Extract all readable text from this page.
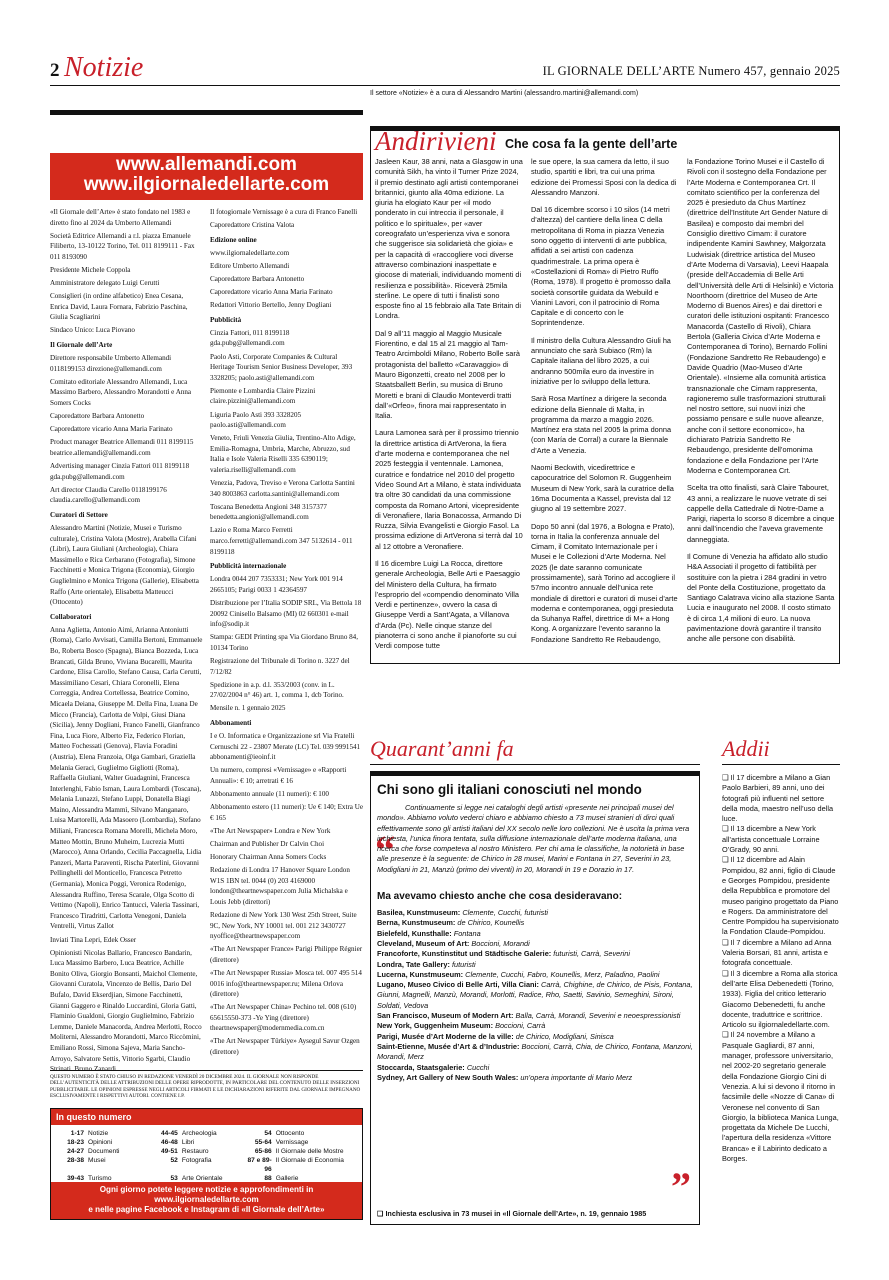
2 Notizie	IL GIORNALE DELL’ARTE Numero 457, gennaio 2025
Il settore «Notizie» è a cura di Alessandro Martini (alessandro.martini@allemandi.com)
www.allemandi.com
www.ilgiornaledellarte.com
«Il Giornale dell’Arte» è stato fondato nel 1983 e diretto fino al 2024 da Umberto Allemandi
Società Editrice Allemandi a r.l. piazza Emanuele Filiberto, 13-10122 Torino, Tel. 011 8199111 - Fax 011 8193090
Presidente Michele Coppola
Amministratore delegato Luigi Cerutti
Consiglieri (in ordine alfabetico) Enea Cesana, Enrica David, Laura Fornara, Fabrizio Paschina, Giulia Scagliarini
Sindaco Unico: Luca Piovano
Il Giornale dell’Arte
Direttore responsabile Umberto Allemandi 0118199153 direzione@allemandi.com
Comitato editoriale Alessandro Allemandi, Luca Massimo Barbero, Alessandro Morandotti e Anna Somers Cocks
Caporedattore Barbara Antonetto
Caporedattore vicario Anna Maria Farinato
Product manager Beatrice Allemandi 011 8199115 beatrice.allemandi@allemandi.com
Advertising manager Cinzia Fattori 011 8199118 gda.pubg@allemandi.com
Art director Claudia Carello 0118199176 claudia.carello@allemandi.com
Curatori di Settore
Alessandro Martini (Notizie, Musei e Turismo culturale), Cristina Valota (Mostre), Arabella Cifani (Libri), Laura Giuliani (Archeologia), Chiara Massimello e Rica Cerbarano (Fotografia), Simone Facchinetti e Monica Trigona (Economia), Giorgio Guglielmino e Monica Trigona (Gallerie), Elisabetta Raffo (Arte orientale), Elisabetta Matteucci (Ottocento)
Collaboratori
Anna Aglietta, Antonio Aimi, Arianna Antoniutti (Roma), Carlo Avvisati, Camilla Bertoni, Emmanuele Bo, Roberta Bosco (Spagna), Bianca Bozzeda, Luca Brancati, Gilda Bruno, Viviana Bucarelli, Maurita Cardone, Elisa Carollo, Stefano Causa, Carla Cerutti, Massimiliano Cesari, Chiara Coronelli, Elena Correggia, Andrea Cortellessa, Beatrice Comino, Micaela Deiana, Giuseppe M. Della Fina, Luana De Micco (Francia), Carlotta de Volpi, Giusi Diana (Sicilia), Jenny Dogliani, Franco Fanelli, Gianfranco Fina, Luca Fiore, Alberto Fiz, Federico Florian, Matteo Fochessati (Genova), Flavia Foradini (Austria), Elena Franzoia, Olga Gambari, Graziella Melania Geraci, Guglielmo Gigliotti (Roma), Raffaella Giuliani, Walter Guadagnini, Francesca Interlenghi, Fabio Isman, Laura Lombardi (Toscana), Melania Lunazzi, Stefano Luppi, Donatella Biagi Maino, Alessandra Mammì, Silvano Manganaro, Luisa Martorelli, Ada Masoero (Lombardia), Stefano Miliani, Francesca Romana Morelli, Michela Moro, Matteo Mottin, Bruno Muheim, Lucrezia Mutti (Marocco), Anna Orlando, Cecilia Paccagnella, Lidia Panzeri, Marta Paraventi, Rischa Paterlini, Giovanni Pellinghelli del Monticello, Francesca Petretto (Germania), Monica Poggi, Veronica Rodenigo, Alessandra Ruffino, Teresa Scarale, Olga Scotto di Vettimo (Napoli), Enrico Tantucci, Valeria Tassinari, Francesco Tiradritti, Carlotta Venegoni, Daniela Ventrelli, Virtus Zallot
Inviati Tina Lepri, Edek Osser
Opinionisti Nicolas Ballario, Francesco Bandarin, Luca Massimo Barbero, Luca Beatrice, Achille Bonito Oliva, Giorgio Bonsanti, Maichol Clemente, Giovanni Curatola, Vincenzo de Bellis, Dario Del Bufalo, David Ekserdjian, Simone Facchinetti, Gianni Gaggero e Rinaldo Luccardini, Gloria Gatti, Flaminio Gualdoni, Giorgio Guglielmino, Fabrizio Lemme, Daniele Manacorda, Andrea Merlotti, Rocco Moliterni, Alessandro Morandotti, Marco Riccòmini, Emiliano Rossi, Simona Sajeva, Maria Sancho-Arroyo, Salvatore Settis, Vittorio Sgarbi, Claudio
Il fotogiornale Vernissage è a cura di Franco Fanelli
Caporedattore Cristina Valota
Edizione online
www.ilgiornaledellarte.com
Editore Umberto Allemandi
Caporedattore Barbara Antonetto
Caporedattore vicario Anna Maria Farinato
Redattori Vittorio Bertello, Jenny Dogliani
Pubblicità
Cinzia Fattori, 011 8199118 gda.pubg@allemandi.com
Paolo Asti, Corporate Companies & Cultural Heritage Tourism Senior Business Developer, 393 3328205; paolo.asti@allemandi.com
Piemonte e Lombardia Claire Pizzini claire.pizzini@allemandi.com
Liguria Paolo Asti 393 3328205 paolo.asti@allemandi.com
Veneto, Friuli Venezia Giulia, Trentino-Alto Adige, Emilia-Romagna, Umbria, Marche, Abruzzo, sud Italia e Isole Valeria Riselli 335 6390119; valeria.riselli@allemandi.com
Venezia, Padova, Treviso e Verona Carlotta Santini 340 8003863 carlotta.santini@allemandi.com
Toscana Benedetta Angioni 348 3157377 benedetta.angioni@allemandi.com
Lazio e Roma Marco Ferretti marco.ferretti@allemandi.com 347 5132614 - 011 8199118
Pubblicità internazionale
Londra 0044 207 7353331; New York 001 914 2665105; Parigi 0033 1 42364597
Distribuzione per l’Italia SODIP SRL, Via Bettola 18 20092 Cinisello Balsamo (MI) 02 660301 e-mail info@sodip.it
Stampa: GEDI Printing spa Via Giordano Bruno 84, 10134 Torino
Registrazione del Tribunale di Torino n. 3227 del 7/12/82
Spedizione in a.p. d.l. 353/2003 (conv. in L. 27/02/2004 n° 46) art. 1, comma 1, dcb Torino.
Mensile n. 1 gennaio 2025
Abbonamenti
I e O. Informatica e Organizzazione srl Via Fratelli Cernuschi 22 - 23807 Merate (LC) Tel. 039 9991541 abbonamenti@ieoinf.it
Un numero, compresi «Vernissage» e «Rapporti Annuali»: € 10; arretrati € 16
Abbonamento annuale (11 numeri): € 100
Abbonamento estero (11 numeri): Ue € 140; Extra Ue € 165
«The Art Newspaper» Londra e New York
Chairman and Publisher Dr Calvin Choi
Honorary Chairman Anna Somers Cocks
Redazione di Londra 17 Hanover Square London W1S 1BN tel. 0044 (0) 203 4169000 london@theartnewspaper.com Julia Michalska e Louis Jebb (direttori)
Redazione di New York 130 West 25th Street, Suite 9C, New York, NY 10001 tel. 001 212 3430727 nyoffice@theartnewspaper.com
«The Art Newspaper France» Parigi Philippe Régnier (direttore)
«The Art Newspaper Russia» Mosca tel. 007 495 514 0016 info@theartnewspaper.ru; Milena Orlova (direttore)
«The Art Newspaper China» Pechino tel. 008 (610) 65615550-373 -Ye Ying (direttore) theartnewspaper@modernmedia.com.cn
«The Art Newspaper Türkiye» Aysegul Savur Ozgen (direttore)
QUESTO NUMERO È STATO CHIUSO IN REDAZIONE VENERDÌ 20 DICEMBRE 2024. IL GIORNALE NON RISPONDE DELL’AUTENTICITÀ DELLE ATTRIBUZIONI DELLE OPERE RIPRODOTTE, IN PARTICOLARE DEL CONTENUTO DELLE INSERZIONI PUBBLICITARIE. LE OPINIONI ESPRESSE NEGLI ARTICOLI FIRMATI E LE DICHIARAZIONI RIFERITE DAL GIORNALE IMPEGNANO ESCLUSIVAMENTE I RISPETTIVI AUTORI. CONTIENE I.P.
In questo numero
1-17 Notizie	44-45 Archeologia	54 Ottocento
18-23 Opinioni	46-48 Libri	55-64 Vernissage
24-27 Documenti	49-51 Restauro	65-86 Il Giornale delle Mostre
28-38 Musei	52 Fotografia	87 e 89-96
Il Giornale di Economia
39-43 Turismo	53 Arte Orientale	88 Gallerie
Ogni giorno potete leggere notizie e approfondimenti in
www.ilgiornaledellarte.com
e nelle pagine Facebook e Instagram di «Il Giornale dell’Arte»
Andirivieni Che cosa fa la gente dell’arte

Jasleen Kaur, 38 anni, nata a Glasgow in una comunità Sikh, ha vinto il Turner Prize 2024, il premio destinato agli artisti contemporanei britannici, giunto alla 40ma edizione. La giuria ha elogiato Kaur per «il modo ponderato in cui intreccia il personale, il politico e lo spirituale», per «aver coreografato un’esperienza viva e sonora che suggerisce sia solidarietà che gioia» e per la capacità di «raccogliere voci diverse attraverso combinazioni inaspettate e giocose di materiali, individuando momenti di resilienza e possibilità». Riceverà 25mila sterline. Le opere di tutti i finalisti sono esposte fino al 15 febbraio alla Tate Britain di Londra.

Dal 9 all’11 maggio al Maggio Musicale Fiorentino, e dal 15 al 21 maggio al Tam-Teatro Arcimboldi Milano, Roberto Bolle sarà protagonista del balletto «Caravaggio» di Mauro Bigonzetti, creato nel 2008 per lo Staatsballett Berlin, su musica di Bruno Moretti e brani di Claudio Monteverdi tratti dall’«Orfeo», finora mai rappresentato in Italia.

Laura Lamonea sarà per il prossimo triennio la direttrice artistica di ArtVerona, la fiera d’arte moderna e contemporanea che nel 2025 festeggia il ventennale. Lamonea, curatrice e fondatrice nel 2010 del progetto Video Sound Art a Milano, è stata individuata tra oltre 30 candidati da una commissione composta da Romano Artoni, vicepresidente di Veronafiere, Ilaria Bonacossa, Armando Di Ruzza, Silvia Evangelisti e Giorgio Fasol. La prossima edizione di ArtVerona si terrà dal 10 al 12 ottobre a Veronafiere.

Il 16 dicembre Luigi La Rocca, direttore generale Archeologia, Belle Arti e Paesaggio del Ministero della Cultura, ha firmato l’esproprio del «compendio denominato Villa Verdi e pertinenze», ovvero la casa di Giuseppe Verdi a Sant’Agata, a Villanova d’Arda (Pc). Nelle cinque stanze del pianoterra ci sono anche il pianoforte su cui Verdi compose tutte

le sue opere, la sua camera da letto, il suo studio, spartiti e libri, tra cui una prima edizione dei Promessi Sposi con la dedica di Alessandro Manzoni.

Dal 16 dicembre scorso i 10 silos (14 metri d’altezza) del cantiere della linea C della metropolitana di Roma in piazza Venezia sono oggetto di interventi di arte pubblica, affidati a sei artisti con cadenza quadrimestrale. La prima opera è «Costellazioni di Roma» di Pietro Ruffo (Roma, 1978). Il progetto è promosso dalla società consortile guidata da Webuild e Vianini Lavori, con il patrocinio di Roma Capitale e di concerto con le Soprintendenze.

Il ministro della Cultura Alessandro Giuli ha annunciato che sarà Subiaco (Rm) la Capitale italiana del libro 2025, a cui andranno 500mila euro da investire in iniziative per lo sviluppo della lettura.

Sarà Rosa Martínez a dirigere la seconda edizione della Biennale di Malta, in programma da marzo a maggio 2026. Martínez era stata nel 2005 la prima donna (con María de Corral) a curare la Biennale d’Arte a Venezia.

Naomi Beckwith, vicedirettrice e capocuratrice del Solomon R. Guggenheim Museum di New York, sarà la curatrice della 16ma Documenta a Kassel, prevista dal 12 giugno al 19 settembre 2027.

Dopo 50 anni (dal 1976, a Bologna e Prato), torna in Italia la conferenza annuale del Cimam, il Comitato Internazionale per i Musei e le Collezioni d’Arte Moderna. Nel 2025 (le date saranno comunicate prossimamente), sarà Torino ad accogliere il 57mo incontro annuale dell’unica rete mondiale di direttori e curatori di musei d’arte moderna e contemporanea, oggi presieduta da Suhanya Raffel, direttrice di M+ a Hong Kong. A organizzare l’evento saranno la Fondazione Sandretto Re Rebaudengo,

la Fondazione Torino Musei e il Castello di Rivoli con il sostegno della Fondazione per l’Arte Moderna e Contemporanea Crt. Il comitato scientifico per la conferenza del 2025 è presieduto da Chus Martínez (direttrice dell’Institute Art Gender Nature di Basilea) e composto dai membri del Consiglio direttivo Cimam: il curatore indipendente Kamini Sawhney, Małgorzata Ludwisiak (direttrice artistica del Museo d’Arte Moderna di Varsavia), Leevi Haapala (preside dell’Accademia di Belle Arti dell’Università delle Arti di Helsinki) e Victoria Noorthoorn (direttrice del Museo de Arte Moderno di Buenos Aires) e dai direttori e curatori delle istituzioni ospitanti: Francesco Manacorda (Castello di Rivoli), Chiara Bertola (Galleria Civica d’Arte Moderna e Contemporanea di Torino), Bernardo Follini (Fondazione Sandretto Re Rebaudengo) e Davide Quadrio (Mao-Museo d’Arte Orientale). «Insieme alla comunità artistica transnazionale che Cimam rappresenta, ragioneremo sulle trasformazioni strutturali nel nostro settore, sui nuovi inizi che possiamo pensare e sulle nuove alleanze, anche con il settore economico», ha dichiarato Patrizia Sandretto Re Rebaudengo, presidente dell’omonima fondazione e della Fondazione per l’Arte Moderna e Contemporanea Crt.

Scelta tra otto finalisti, sarà Claire Tabouret, 43 anni, a realizzare le nuove vetrate di sei cappelle della Cattedrale di Notre-Dame a Parigi, riaperta lo scorso 8 dicembre a cinque anni dall’incendio che l’aveva gravemente danneggiata.

Il Comune di Venezia ha affidato allo studio H&A Associati il progetto di fattibilità per sostituire con la pietra i 284 gradini in vetro del Ponte della Costituzione, progettato da Santiago Calatrava vicino alla stazione Santa Lucia e inaugurato nel 2008. Il costo stimato è di circa 1,4 milioni di euro. La nuova pavimentazione dovrà garantire il transito anche alle persone con disabilità.

Quarant’anni fa
Chi sono gli italiani conosciuti nel mondo
“

Continuamente si legge nei cataloghi degli artisti «presente nei principali musei del mondo». Abbiamo voluto vederci chiaro e abbiamo chiesto a 73 musei stranieri di dirci quali effettivamente sono gli artisti italiani del XX secolo nelle loro collezioni. Ne è uscita la prima vera inchiesta, l’unica finora tentata, sulla diffusione internazionale dell’arte moderna italiana, una ricerca che forse competeva al nostro Ministero. Per chi ama le classifiche, la notorietà in base alle presenze è la seguente: de Chirico in 28 musei, Marini e Fontana in 27, Severini in 23, Modigliani in 21, Manzù (primo dei viventi) in 20, Morandi in 19 e Dorazio in 17.

Ma avevamo chiesto anche che cosa desideravano:
Basilea, Kunstmuseum: Clemente, Cucchi, futuristi
Berna, Kunstmuseum: de Chirico, Kounellis
Bielefeld, Kunsthalle: Fontana
Cleveland, Museum of Art: Boccioni, Morandi
Francoforte, Kunstinstitut und Städtische Galerie: futuristi, Carrà, Severini
Londra, Tate Gallery: futuristi
Lucerna, Kunstmuseum: Clemente, Cucchi, Fabro, Kounellis, Merz, Paladino, Paolini
Lugano, Museo Civico di Belle Arti, Villa Ciani: Carrà, Chighine, de Chirico, de Pisis, Fontana, Giunni, Magnelli, Manzù, Morandi, Morlotti, Radice, Rho, Saetti, Savinio, Semeghini, Sironi, Soldati, Vedova
San Francisco, Museum of Modern Art: Balla, Carrà, Morandi, Severini e neoespressionisti
New York, Guggenheim Museum: Boccioni, Carrà
Parigi, Musée d’Art Moderne de la ville: de Chirico, Modigliani, Sinisca
Saint-Etienne, Musée d’Art & d’Industrie: Boccioni, Carrà, Chia, de Chirico, Fontana, Manzoni, Morandi, Merz
Stoccarda, Staatsgalerie: Cucchi
Sydney, Art Gallery of New South Wales: un’opera importante di Mario Merz
”
❑ Inchiesta esclusiva in 73 musei in «Il Giornale dell’Arte», n. 19, gennaio 1985
Addii
❑ Il 17 dicembre a Milano a Gian Paolo Barbieri, 89 anni, uno dei fotografi più influenti nel settore della moda, maestro nell’uso della luce.
❑ Il 13 dicembre a New York all’artista concettuale Lorraine O’Grady, 90 anni.
❑ Il 12 dicembre ad Alain Pompidou, 82 anni, figlio di Claude e Georges Pompidou, presidente della Repubblica e promotore del museo parigino progettato da Piano e Rogers. Da amministratore del Centre Pompidou ha supervisionato la Fondation Claude-Pompidou.
❑ Il 7 dicembre a Milano ad Anna Valeria Borsari, 81 anni, artista e fotografa concettuale.
❑ Il 3 dicembre a Roma alla storica dell’arte Elisa Debenedetti (Torino, 1933). Figlia del critico letterario Giacomo Debenedetti, fu anche docente, traduttrice e scrittrice. Articolo su ilgiornaledellarte.com.
❑ Il 24 novembre a Milano a Pasquale Gagliardi, 87 anni, manager, professore universitario, nel 2002-20 segretario generale della Fondazione Giorgio Cini di Venezia. A lui si devono il ritorno in facsimile delle «Nozze di Cana» di Veronese nel convento di San Giorgio, la biblioteca Manica Lunga, progettata da Michele De Lucchi, l’apertura della residenza «Vittore Branca» e il Labirinto dedicato a Borges.
